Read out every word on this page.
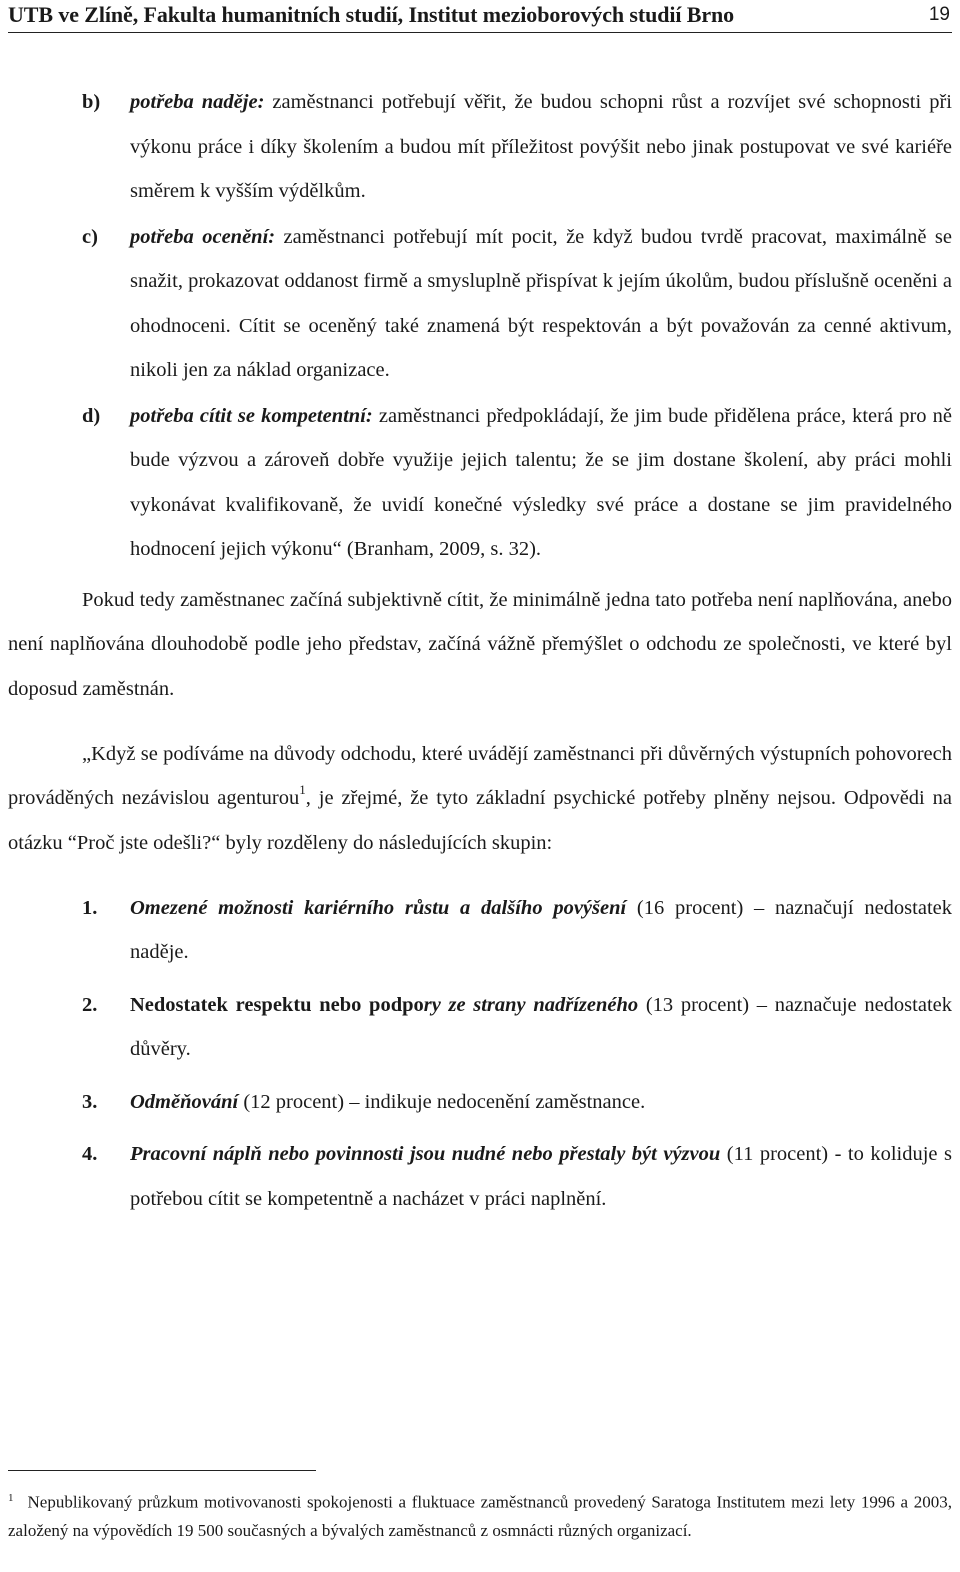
UTB ve Zlíně, Fakulta humanitních studií, Institut mezioborových studií Brno	19
b) potřeba naděje: zaměstnanci potřebují věřit, že budou schopni růst a rozvíjet své schopnosti při výkonu práce i díky školením a budou mít příležitost povýšit nebo jinak postupovat ve své kariéře směrem k vyšším výdělkům.
c) potřeba ocenění: zaměstnanci potřebují mít pocit, že když budou tvrdě pracovat, maximálně se snažit, prokazovat oddanost firmě a smysluplně přispívat k jejím úkolům, budou příslušně oceněni a ohodnoceni. Cítit se oceněný také znamená být respektován a být považován za cenné aktivum, nikoli jen za náklad organizace.
d) potřeba cítit se kompetentní: zaměstnanci předpokládají, že jim bude přidělena práce, která pro ně bude výzvou a zároveň dobře využije jejich talentu; že se jim dostane školení, aby práci mohli vykonávat kvalifikovaně, že uvidí konečné výsledky své práce a dostane se jim pravidelného hodnocení jejich výkonu“ (Branham, 2009, s. 32).

Pokud tedy zaměstnanec začíná subjektivně cítit, že minimálně jedna tato potřeba není naplňována, anebo není naplňována dlouhodobě podle jeho představ, začíná vážně přemýšlet o odchodu ze společnosti, ve které byl doposud zaměstnán.

„Když se podíváme na důvody odchodu, které uvádějí zaměstnanci při důvěrných výstupních pohovorech prováděných nezávislou agenturou$^1$, je zřejmé, že tyto základní psychické potřeby plněny nejsou. Odpovědi na otázku “Proč jste odešli?“ byly rozděleny do následujících skupin:

1. Omezené možnosti kariérního růstu a dalšího povýšení (16 procent) – naznačují nedostatek naděje.
2. Nedostatek respektu nebo podpory ze strany nadřízeného (13 procent) – naznačuje nedostatek důvěry.
3. Odměňování (12 procent) – indikuje nedocenění zaměstnance.
4. Pracovní náplň nebo povinnosti jsou nudné nebo přestaly být výzvou (11 procent) - to koliduje s potřebou cítit se kompetentně a nacházet v práci naplnění.
$^1$ Nepublikovaný průzkum motivovanosti spokojenosti a fluktuace zaměstnanců provedený Saratoga Institutem mezi lety 1996 a 2003, založený na výpovědích 19 500 současných a bývalých zaměstnanců z osmnácti různých organizací.
